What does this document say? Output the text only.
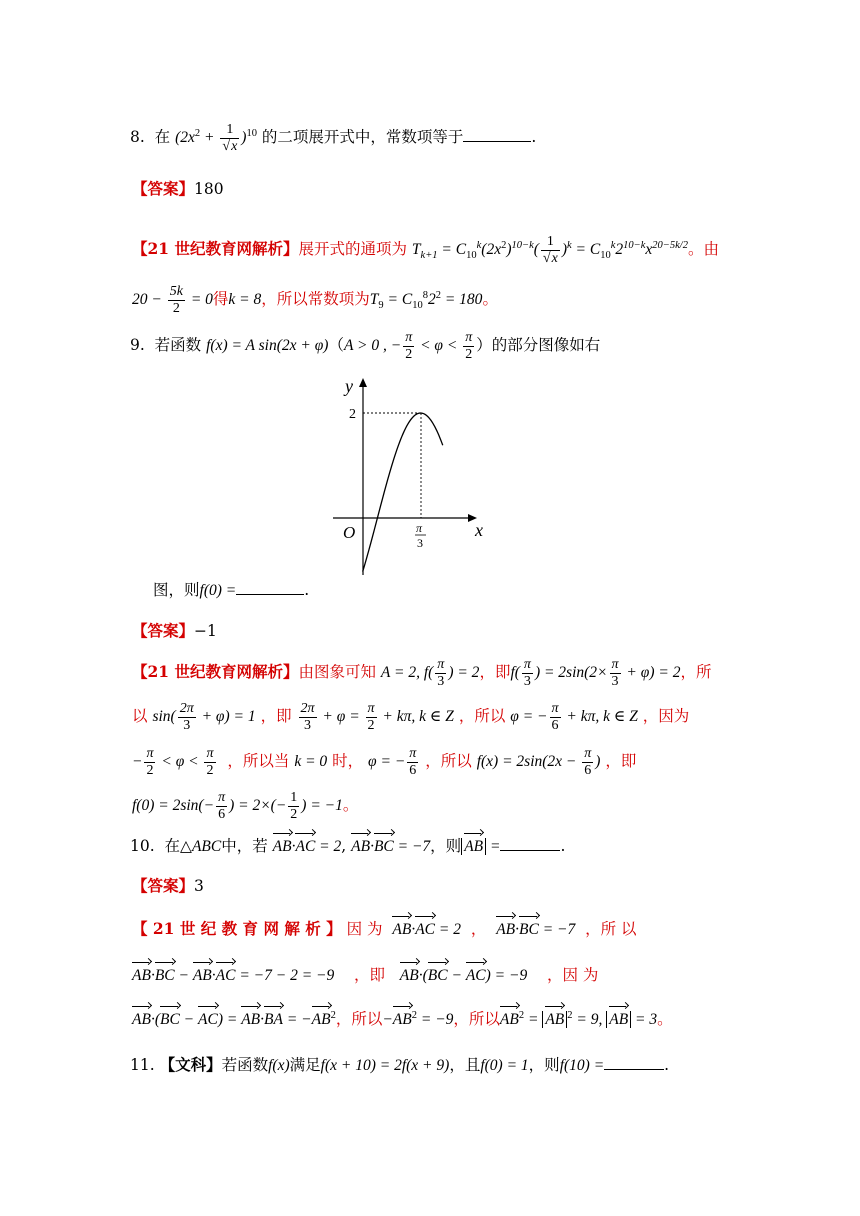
8. 在 $(2x^2 + \frac{1}{√x} )^{10}$ 的二项展开式中，常数项等于	.
【答案】180
【21 世纪教育网解析】展开式的通项为 $T_{k+1} = C_{10}^k(2x^2)^{10-k}( \frac{1}{√x} )^k = C_{10}^k2^{10-k}x^{20-5k/2}$。由
$20 - \frac{5k}{2} = 0$得k = 8，所以常数项为$T_9 = C_{10}^82^2 = 180$。
9. 若函数 f(x) = A sin(2x + φ)（A > 0 , − $\frac{\pi}{2} < \varphi < \frac{\pi}{2}$ ）的部分图像如右
y
x
O
2
π
3
图，则f(0) =	.
【答案】−1
【21 世纪教育网解析】由图象可知 A = 2, $f( \frac{\pi}{3}$ ) = 2，即$f( \frac{\pi}{3}$ ) = $2\sin(2\times \frac{\pi}{3} + \varphi) = 2$，所
以 $\sin( \frac{2\pi}{3} + \varphi) = 1$ ，即 $\frac{2\pi}{3} + \varphi = \frac{\pi}{2} + k\pi$, k ∈ Z ，所以 φ = − $\frac{\pi}{6} + k\pi$, k ∈ Z ，因为
− $\frac{\pi}{2} < \varphi < \frac{\pi}{2}$ ，所以当 k = 0 时， φ = − $\frac{\pi}{6}$ ，所以 $f(x) = 2\sin(2x - \frac{\pi}{6}$ ) ，即
$f(0) = 2\sin(- \frac{\pi}{6}$ ) = $2\times(- \frac{1}{2}$ ) = −1。
10. 在△ABC中，若 AB·AC = 2, AB·BC = −7，则 AB =	.
【答案】3
【 21 世 纪 教 育 网 解 析 】 因 为 AB·AC = 2 ， AB·BC = −7 ，所 以
AB·BC − AB·AC = −7 − 2 = −9 ，即 AB·(BC − AC) = −9 ，因 为
$AB\cdot(BC - AC) = AB\cdot BA = -AB^2$，所以$-AB^2 = -9$，所以$AB^2$ = AB $^2$ = 9, AB = 3。
11. 【文科】若函数f(x)满足f(x + 10) = 2f(x + 9)，且f(0) = 1，则f(10) =	.
